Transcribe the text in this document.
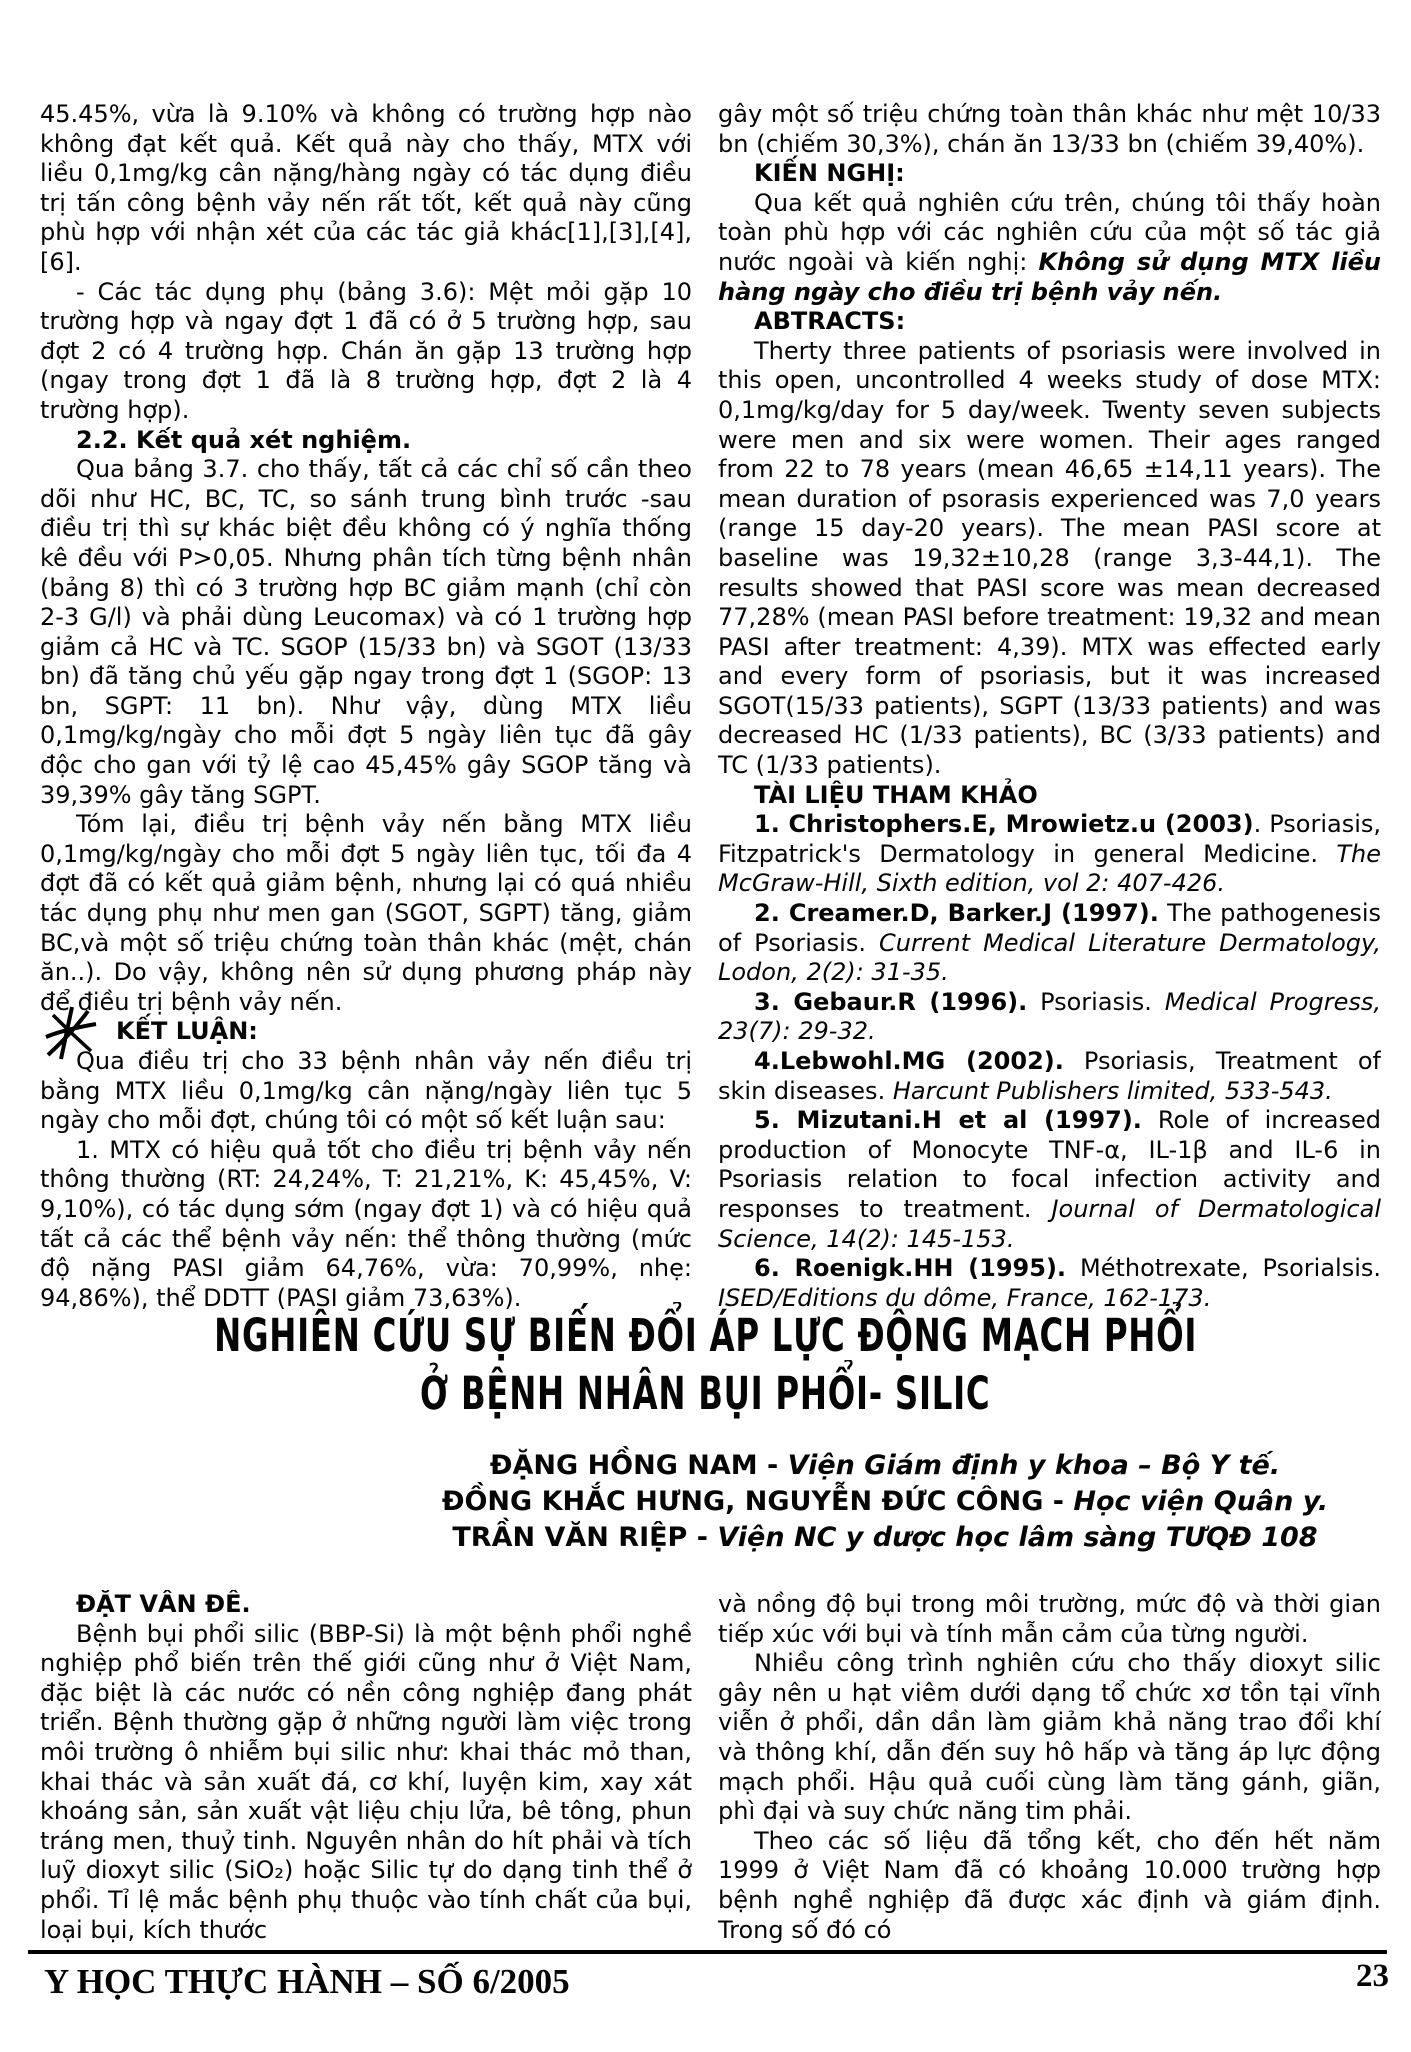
45.45%, vừa là 9.10% và không có trường hợp nào không đạt kết quả. Kết quả này cho thấy, MTX với liều 0,1mg/kg cân nặng/hàng ngày có tác dụng điều trị tấn công bệnh vảy nến rất tốt, kết quả này cũng phù hợp với nhận xét của các tác giả khác[1],[3],[4],[6].

- Các tác dụng phụ (bảng 3.6): Mệt mỏi gặp 10 trường hợp và ngay đợt 1 đã có ở 5 trường hợp, sau đợt 2 có 4 trường hợp. Chán ăn gặp 13 trường hợp (ngay trong đợt 1 đã là 8 trường hợp, đợt 2 là 4 trường hợp).

2.2. Kết quả xét nghiệm.

Qua bảng 3.7. cho thấy, tất cả các chỉ số cần theo dõi như HC, BC, TC, so sánh trung bình trước -sau điều trị thì sự khác biệt đều không có ý nghĩa thống kê đều với P>0,05. Nhưng phân tích từng bệnh nhân (bảng 8) thì có 3 trường hợp BC giảm mạnh (chỉ còn 2-3 G/l) và phải dùng Leucomax) và có 1 trường hợp giảm cả HC và TC. SGOP (15/33 bn) và SGOT (13/33 bn) đã tăng chủ yếu gặp ngay trong đợt 1 (SGOP: 13 bn, SGPT: 11 bn). Như vậy, dùng MTX liều 0,1mg/kg/ngày cho mỗi đợt 5 ngày liên tục đã gây độc cho gan với tỷ lệ cao 45,45% gây SGOP tăng và 39,39% gây tăng SGPT.

Tóm lại, điều trị bệnh vảy nến bằng MTX liều 0,1mg/kg/ngày cho mỗi đợt 5 ngày liên tục, tối đa 4 đợt đã có kết quả giảm bệnh, nhưng lại có quá nhiều tác dụng phụ như men gan (SGOT, SGPT) tăng, giảm BC,và một số triệu chứng toàn thân khác (mệt, chán ăn..). Do vậy, không nên sử dụng phương pháp này để điều trị bệnh vảy nến.

KẾT LUẬN:

Qua điều trị cho 33 bệnh nhân vảy nến điều trị bằng MTX liều 0,1mg/kg cân nặng/ngày liên tục 5 ngày cho mỗi đợt, chúng tôi có một số kết luận sau:

1. MTX có hiệu quả tốt cho điều trị bệnh vảy nến thông thường (RT: 24,24%, T: 21,21%, K: 45,45%, V: 9,10%), có tác dụng sớm (ngay đợt 1) và có hiệu quả tất cả các thể bệnh vảy nến: thể thông thường (mức độ nặng PASI giảm 64,76%, vừa: 70,99%, nhẹ: 94,86%), thể DDTT (PASI giảm 73,63%).

gây một số triệu chứng toàn thân khác như mệt 10/33 bn (chiếm 30,3%), chán ăn 13/33 bn (chiếm 39,40%).

KIẾN NGHỊ:

Qua kết quả nghiên cứu trên, chúng tôi thấy hoàn toàn phù hợp với các nghiên cứu của một số tác giả nước ngoài và kiến nghị: Không sử dụng MTX liều hàng ngày cho điều trị bệnh vảy nến.

ABTRACTS:

Therty three patients of psoriasis were involved in this open, uncontrolled 4 weeks study of dose MTX: 0,1mg/kg/day for 5 day/week. Twenty seven subjects were men and six were women. Their ages ranged from 22 to 78 years (mean 46,65 ±14,11 years). The mean duration of psorasis experienced was 7,0 years (range 15 day-20 years). The mean PASI score at baseline was 19,32±10,28 (range 3,3-44,1). The results showed that PASI score was mean decreased 77,28% (mean PASI before treatment: 19,32 and mean PASI after treatment: 4,39). MTX was effected early and every form of psoriasis, but it was increased SGOT(15/33 patients), SGPT (13/33 patients) and was decreased HC (1/33 patients), BC (3/33 patients) and TC (1/33 patients).

TÀI LIỆU THAM KHẢO

1. Christophers.E, Mrowietz.u (2003). Psoriasis, Fitzpatrick's Dermatology in general Medicine. The McGraw-Hill, Sixth edition, vol 2: 407-426.

2. Creamer.D, Barker.J (1997). The pathogenesis of Psoriasis. Current Medical Literature Dermatology, Lodon, 2(2): 31-35.

3. Gebaur.R (1996). Psoriasis. Medical Progress, 23(7): 29-32.

4.Lebwohl.MG (2002). Psoriasis, Treatment of skin diseases. Harcunt Publishers limited, 533-543.

5. Mizutani.H et al (1997). Role of increased production of Monocyte TNF-α, IL-1β and IL-6 in Psoriasis relation to focal infection activity and responses to treatment. Journal of Dermatological Science, 14(2): 145-153.

6. Roenigk.HH (1995). Méthotrexate, Psorialsis. ISED/Editions du dôme, France, 162-173.

NGHIÊN CỨU SỰ BIẾN ĐỔI ÁP LỰC ĐỘNG MẠCH PHỔI
Ở BỆNH NHÂN BỤI PHỔI- SILIC
ĐẶNG HỒNG NAM - Viện Giám định y khoa – Bộ Y tế.
ĐỒNG KHẮC HƯNG, NGUYỄN ĐỨC CÔNG - Học viện Quân y.
TRẦN VĂN RIỆP - Viện NC y dược học lâm sàng TƯQĐ 108
ĐẶT VẤN ĐỀ.

Bệnh bụi phổi silic (BBP-Si) là một bệnh phổi nghề nghiệp phổ biến trên thế giới cũng như ở Việt Nam, đặc biệt là các nước có nền công nghiệp đang phát triển. Bệnh thường gặp ở những người làm việc trong môi trường ô nhiễm bụi silic như: khai thác mỏ than, khai thác và sản xuất đá, cơ khí, luyện kim, xay xát khoáng sản, sản xuất vật liệu chịu lửa, bê tông, phun tráng men, thuỷ tinh. Nguyên nhân do hít phải và tích luỹ dioxyt silic (SiO₂) hoặc Silic tự do dạng tinh thể ở phổi. Tỉ lệ mắc bệnh phụ thuộc vào tính chất của bụi, loại bụi, kích thước

và nồng độ bụi trong môi trường, mức độ và thời gian tiếp xúc với bụi và tính mẫn cảm của từng người.

Nhiều công trình nghiên cứu cho thấy dioxyt silic gây nên u hạt viêm dưới dạng tổ chức xơ tồn tại vĩnh viễn ở phổi, dần dần làm giảm khả năng trao đổi khí và thông khí, dẫn đến suy hô hấp và tăng áp lực động mạch phổi. Hậu quả cuối cùng làm tăng gánh, giãn, phì đại và suy chức năng tim phải.

Theo các số liệu đã tổng kết, cho đến hết năm 1999 ở Việt Nam đã có khoảng 10.000 trường hợp bệnh nghề nghiệp đã được xác định và giám định. Trong số đó có

Y HỌC THỰC HÀNH – SỐ 6/2005	23
